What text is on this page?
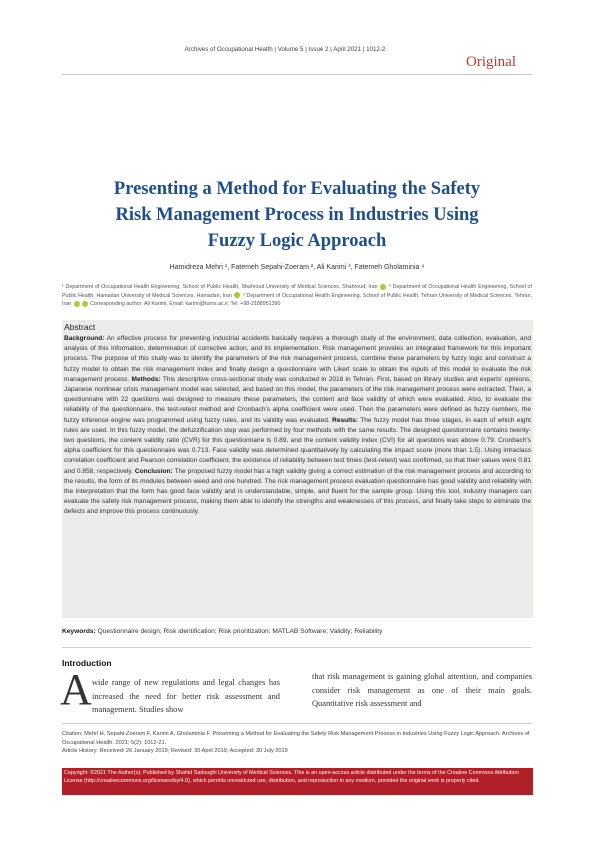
Archives of Occupational Health | Volume 5 | Issue 2 | April 2021 | 1012-2
Original
Presenting a Method for Evaluating the Safety
Risk Management Process in Industries Using
Fuzzy Logic Approach
Hamidreza Mehri ¹, Fatemeh Sepahi-Zoeram ², Ali Karimi ³, Fatemeh Gholaminia ⁴
¹ Department of Occupational Health Engineering, School of Public Health, Shahroud University of Medical Sciences, Shahroud, Iran ² Department of Occupational Health Engineering, School of Public Health, Hamadan University of Medical Sciences, Hamadan, Iran ³ Department of Occupational Health Engineering, School of Public Health, Tehran University of Medical Sciences, Tehran, Iran	Corresponding author: Ali Karimi, Email: karimi@tums.ac.ir, Tel: +98-2188951390
Abstract
Background: An effective process for preventing industrial accidents basically requires a thorough study of the environment, data collection, evaluation, and analysis of this information, determination of corrective action, and its implementation. Risk management provides an integrated framework for this important process. The purpose of this study was to identify the parameters of the risk management process, combine these parameters by fuzzy logic and construct a fuzzy model to obtain the risk management index and finally design a questionnaire with Likert scale to obtain the inputs of this model to evaluate the risk management process. Methods: This descriptive cross-sectional study was conducted in 2018 in Tehran. First, based on library studies and experts' opinions, Japanese nonlinear crisis management model was selected, and based on this model, the parameters of the risk management process were extracted. Then, a questionnaire with 22 questions was designed to measure these parameters, the content and face validity of which were evaluated. Also, to evaluate the reliability of the questionnaire, the test-retest method and Cronbach's alpha coefficient were used. Then the parameters were defined as fuzzy numbers, the fuzzy inference engine was programmed using fuzzy rules, and its validity was evaluated. Results: The fuzzy model has three stages, in each of which eight rules are used. In this fuzzy model, the defuzzification step was performed by four methods with the same results. The designed questionnaire contains twenty-two questions, the content validity ratio (CVR) for this questionnaire is 0.89, and the content validity index (CVI) for all questions was above 0.79. Cronbach's alpha coefficient for this questionnaire was 0.713. Face validity was determined quantitatively by calculating the impact score (more than 1.5). Using intraclass correlation coefficient and Pearson correlation coefficient, the existence of reliability between test times (test-retest) was confirmed, so that their values were 0.81 and 0.858, respectively. Conclusion: The proposed fuzzy model has a high validity giving a correct estimation of the risk management process and according to the results, the form of its modules between weed and one hundred. The risk management process evaluation questionnaire has good validity and reliability with the interpretation that the form has good face validity and is understandable, simple, and fluent for the sample group. Using this tool, industry managers can evaluate the safety risk management process, making them able to identify the strengths and weaknesses of this process, and finally take steps to eliminate the defects and improve this process continuously.
Keywords: Questionnaire design; Risk identification; Risk prioritization; MATLAB Software; Validity; Reliability
Introduction
A wide range of new regulations and legal changes has increased the need for better risk assessment and management. Studies show
that risk management is gaining global attention, and companies consider risk management as one of their main goals. Quantitative risk assessment and
Citation: Mehri H, Sepahi-Zoeram F, Karimi A, Gholaminia F. Presenting a Method for Evaluating the Safety Risk Management Process in Industries Using Fuzzy Logic Approach. Archives of Occupational Health. 2021; 5(2): 1012-21.
Article History: Received: 26 January 2019; Revised: 30 April 2019; Accepted: 30 July 2019
Copyright: ©2021 The Author(s); Published by Shahid Sadoughi University of Medical Sciences. This is an open-access article distributed under the terms of the Creative Commons Attribution License (http://creativecommons.org/licenses/by/4.0), which permits unrestricted use, distribution, and reproduction in any medium, provided the original work is properly cited.
